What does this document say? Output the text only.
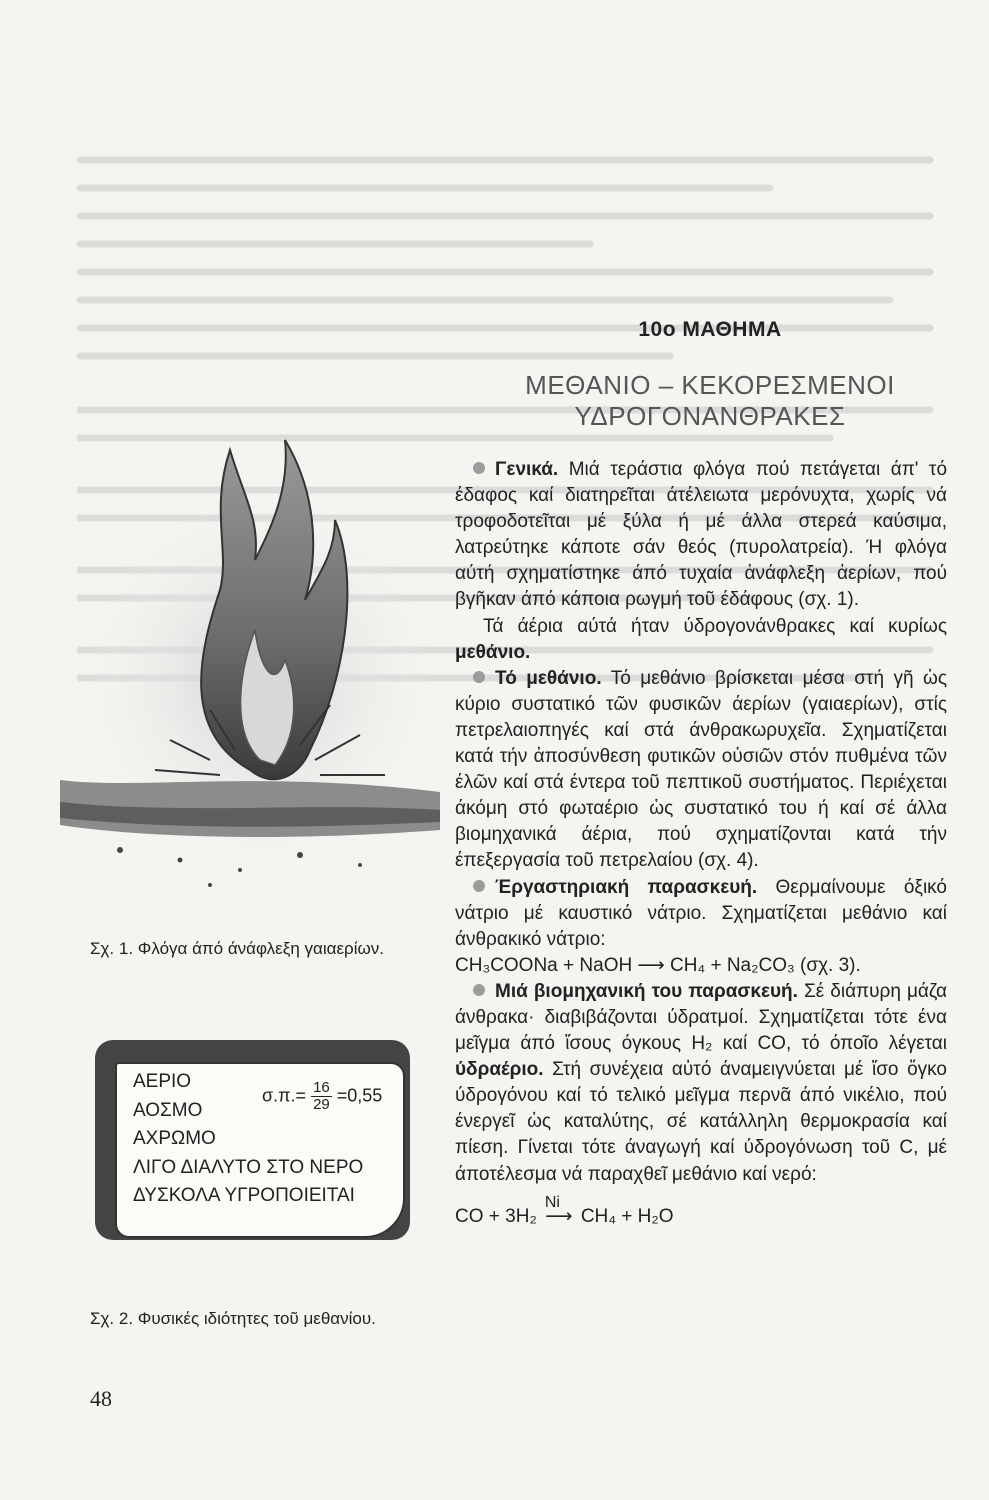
10ο ΜΑΘΗΜΑ
ΜΕΘΑΝΙΟ – ΚΕΚΟΡΕΣΜΕΝΟΙ
ΥΔΡΟΓΟΝΑΝΘΡΑΚΕΣ
Σχ. 1. Φλόγα άπό άνάφλεξη γαιαερίων.
ΑΕΡΙΟ
ΑΟΣΜΟ
ΑΧΡΩΜΟ
ΛΙΓΟ ΔΙΑΛΥΤΟ ΣΤΟ ΝΕΡΟ
ΔΥΣΚΟΛΑ ΥΓΡΟΠΟΙΕΙΤΑΙ
$\sigma.\pi.= \frac{16}{29} =0,55$
Σχ. 2. Φυσικές ιδιότητες τοῦ μεθανίου.
48

Γενικά. Μιά τεράστια φλόγα πού πετάγεται άπ' τό έδαφος καί διατηρεῖται άτέλειωτα μερόνυχτα, χωρίς νά τροφοδοτεῖται μέ ξύλα ή μέ άλλα στερεά καύσιμα, λατρεύτηκε κάποτε σάν θεός (πυρολατρεία). Ή φλόγα αύτή σχηματίστηκε άπό τυχαία ἀνάφλεξη ἀερίων, πού βγῆκαν άπό κάποια ρωγμή τοῦ έδάφους (σχ. 1).

Τά άέρια αύτά ήταν ύδρογονάνθρακες καί κυρίως μεθάνιο.

Τό μεθάνιο. Τό μεθάνιο βρίσκεται μέσα στή γῆ ὡς κύριο συστατικό τῶν φυσικῶν άερίων (γαιαερίων), στίς πετρελαιοπηγές καί στά άνθρακωρυχεῖα. Σχηματίζεται κατά τήν ἀποσύνθεση φυτικῶν οὐσιῶν στόν πυθμένα τῶν έλῶν καί στά έντερα τοῦ πεπτικοῦ συστήματος. Περιέχεται άκόμη στό φωταέριο ὡς συστατικό του ή καί σέ άλλα βιομηχανικά άέρια, πού σχηματίζονται κατά τήν έπεξεργασία τοῦ πετρελαίου (σχ. 4).

Έργαστηριακή παρασκευή. Θερμαίνουμε όξικό νάτριο μέ καυστικό νάτριο. Σχηματίζεται μεθάνιο καί άνθρακικό νάτριο:

CH₃COONa + NaOH ⟶ CH₄ + Na₂CO₃ (σχ. 3).

Μιά βιομηχανική του παρασκευή. Σέ διάπυρη μάζα άνθρακα· διαβιβάζονται ύδρατμοί. Σχηματίζεται τότε ένα μεῖγμα άπό ἴσους όγκους H₂ καί CO, τό όποῖο λέγεται ύδραέριο. Στή συνέχεια αὐτό άναμειγνύεται μέ ἴσο ὄγκο ύδρογόνου καί τό τελικό μεῖγμα περνᾶ άπό νικέλιο, πού ένεργεῖ ὡς καταλύτης, σέ κατάλληλη θερμοκρασία καί πίεση. Γίνεται τότε άναγωγή καί ύδρογόνωση τοῦ C, μέ άποτέλεσμα νά παραχθεῖ μεθάνιο καί νερό:

CO + 3H₂
Ni
⟶ CH₄ + H₂O
